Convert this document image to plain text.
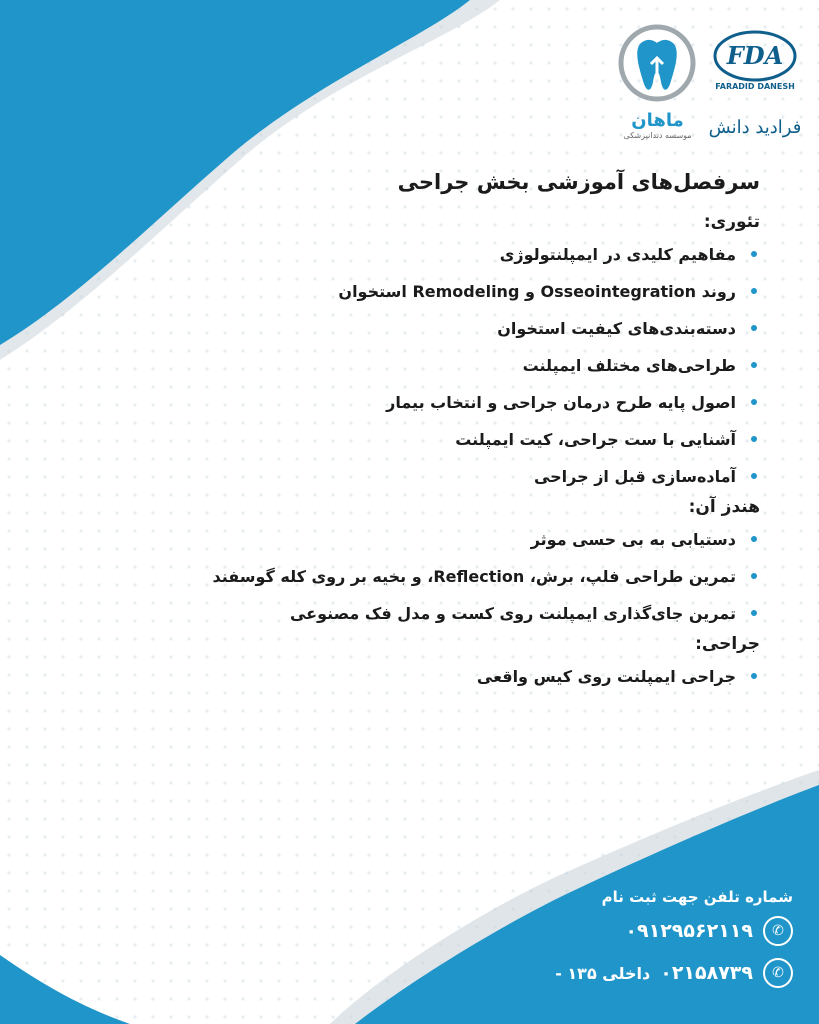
FDA
FARADID DANESH
فرادید دانش
ماهان
موسسه دندانپزشکی
سرفصل‌های آموزشی بخش جراحی
تئوری:
مفاهیم کلیدی در ایمپلنتولوژی
روند Osseointegration و Remodeling استخوان
دسته‌بندی‌های کیفیت استخوان
طراحی‌های مختلف ایمپلنت
اصول پایه طرح درمان جراحی و انتخاب بیمار
آشنایی با ست جراحی، کیت ایمپلنت
آماده‌سازی قبل از جراحی
هندز آن:
دستیابی به بی حسی موثر
تمرین طراحی فلپ، برش، Reflection، و بخیه بر روی کله گوسفند
تمرین جای‌گذاری ایمپلنت روی کست و مدل فک مصنوعی
جراحی:
جراحی ایمپلنت روی کیس واقعی
شماره تلفن جهت ثبت نام
✆
۰۹۱۲۹۵۶۲۱۱۹
✆
۰۲۱۵۸۷۳۹
داخلی ۱۳۵ -
